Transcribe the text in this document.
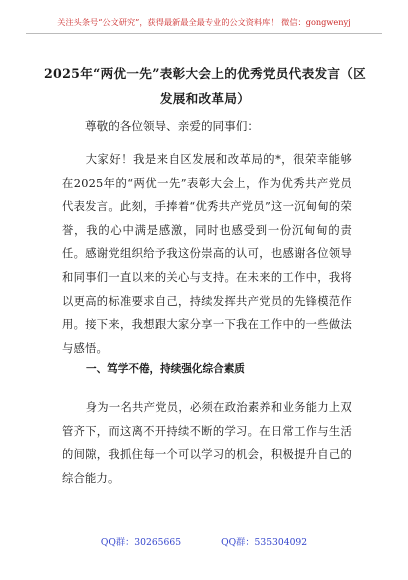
关注头条号“公文研究”，获得最新最全最专业的公文资料库！ 微信：gongwenyj
2025年“两优一先”表彰大会上的优秀党员代表发言（区发展和改革局）

尊敬的各位领导、亲爱的同事们：

大家好！我是来自区发展和改革局的*，很荣幸能够在2025年的“两优一先”表彰大会上，作为优秀共产党员代表发言。此刻，手捧着“优秀共产党员”这一沉甸甸的荣誉，我的心中满是感激，同时也感受到一份沉甸甸的责任。感谢党组织给予我这份崇高的认可，也感谢各位领导和同事们一直以来的关心与支持。在未来的工作中，我将以更高的标准要求自己，持续发挥共产党员的先锋模范作用。接下来，我想跟大家分享一下我在工作中的一些做法与感悟。

一、笃学不倦，持续强化综合素质

身为一名共产党员，必须在政治素养和业务能力上双管齐下，而这离不开持续不断的学习。在日常工作与生活的间隙，我抓住每一个可以学习的机会，积极提升自己的综合能力。

QQ群：30265665	QQ群：535304092
